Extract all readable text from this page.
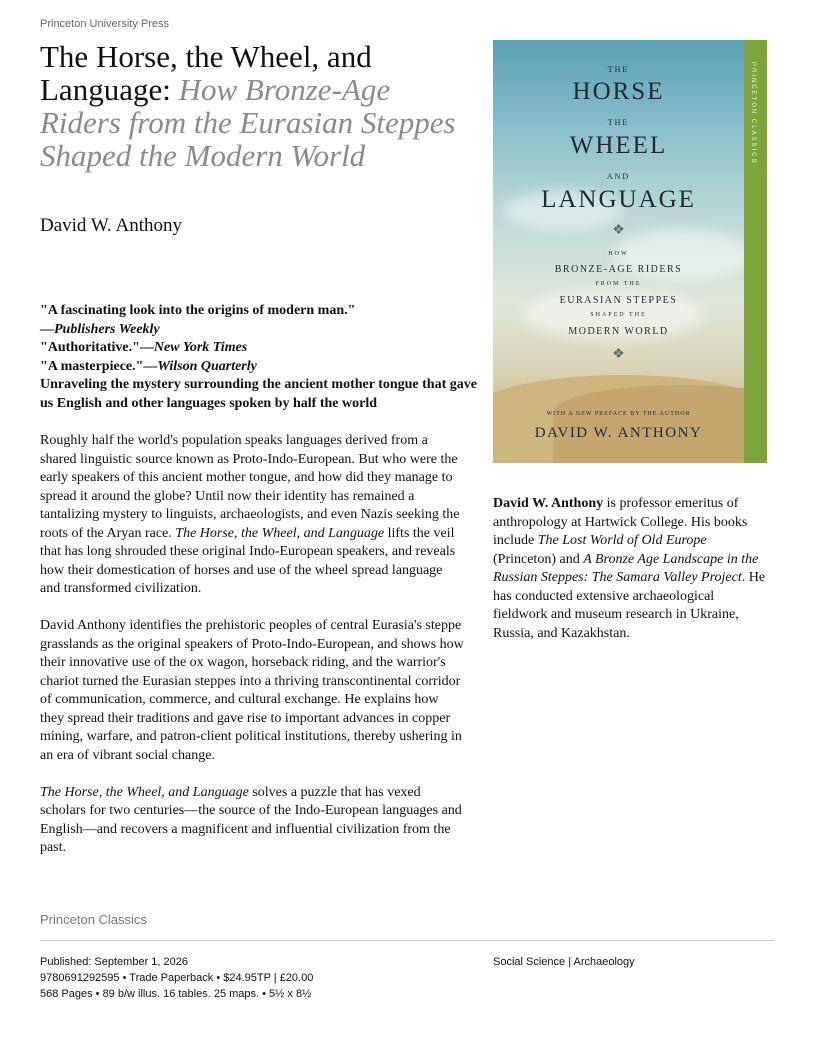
Princeton University Press
The Horse, the Wheel, and Language: How Bronze-Age Riders from the Eurasian Steppes Shaped the Modern World
David W. Anthony
"A fascinating look into the origins of modern man."
—Publishers Weekly
"Authoritative."—New York Times
"A masterpiece."—Wilson Quarterly
Unraveling the mystery surrounding the ancient mother tongue that gave us English and other languages spoken by half the world

Roughly half the world's population speaks languages derived from a shared linguistic source known as Proto-Indo-European. But who were the early speakers of this ancient mother tongue, and how did they manage to spread it around the globe? Until now their identity has remained a tantalizing mystery to linguists, archaeologists, and even Nazis seeking the roots of the Aryan race. The Horse, the Wheel, and Language lifts the veil that has long shrouded these original Indo-European speakers, and reveals how their domestication of horses and use of the wheel spread language and transformed civilization.

David Anthony identifies the prehistoric peoples of central Eurasia's steppe grasslands as the original speakers of Proto-Indo-European, and shows how their innovative use of the ox wagon, horseback riding, and the warrior's chariot turned the Eurasian steppes into a thriving transcontinental corridor of communication, commerce, and cultural exchange. He explains how they spread their traditions and gave rise to important advances in copper mining, warfare, and patron-client political institutions, thereby ushering in an era of vibrant social change.

The Horse, the Wheel, and Language solves a puzzle that has vexed scholars for two centuries—the source of the Indo-European languages and English—and recovers a magnificent and influential civilization from the past.

PRINCETON CLASSICS
THE
HORSE
THE
WHEEL
AND
LANGUAGE
❖
HOW
BRONZE-AGE RIDERS
FROM THE
EURASIAN STEPPES
SHAPED THE
MODERN WORLD
❖
WITH A NEW PREFACE BY THE AUTHOR
DAVID W. ANTHONY
David W. Anthony is professor emeritus of anthropology at Hartwick College. His books include The Lost World of Old Europe (Princeton) and A Bronze Age Landscape in the Russian Steppes: The Samara Valley Project. He has conducted extensive archaeological fieldwork and museum research in Ukraine, Russia, and Kazakhstan.
Princeton Classics
Published: September 1, 2026
9780691292595 • Trade Paperback • $24.95TP | £20.00
568 Pages • 89 b/w illus. 16 tables. 25 maps. • 5½ x 8½
Social Science | Archaeology
